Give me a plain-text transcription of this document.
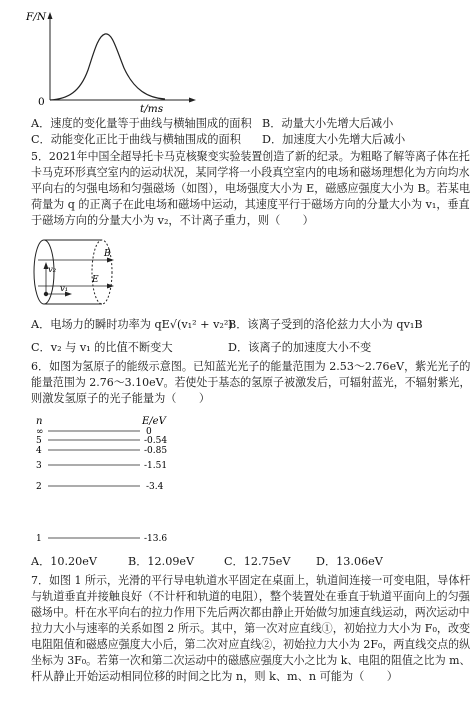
F/N
t/ms
0
A．速度的变化量等于曲线与横轴围成的面积 B．动量大小先增大后减小
C．动能变化正比于曲线与横轴围成的面积 D．加速度大小先增大后减小
5．2021年中国全超导托卡马克核聚变实验装置创造了新的纪录。为粗略了解等离子体在托
卡马克环形真空室内的运动状况，某同学将一小段真空室内的电场和磁场理想化为方向均水
平向右的匀强电场和匀强磁场（如图），电场强度大小为 E，磁感应强度大小为 B。若某电
荷量为 q 的正离子在此电场和磁场中运动，其速度平行于磁场方向的分量大小为 v₁，垂直
于磁场方向的分量大小为 v₂，不计离子重力，则（　　）
v₂
v₁
B
E
A．电场力的瞬时功率为 qE√(v₁² + v₂²)
B．该离子受到的洛伦兹力大小为 qv₁B
C．v₂ 与 v₁ 的比值不断变大	D．该离子的加速度大小不变
6．如图为氢原子的能级示意图。已知蓝光光子的能量范围为 2.53～2.76eV，紫光光子的
能量范围为 2.76～3.10eV。若使处于基态的氢原子被激发后，可辐射蓝光，不辐射紫光，
则激发氢原子的光子能量为（　　）
n	E/eV
∞	0
5	-0.54
4	-0.85
3	-1.51
2	-3.4
1	-13.6
A．10.20eV	B．12.09eV	C．12.75eV D．13.06eV
7．如图 1 所示，光滑的平行导电轨道水平固定在桌面上，轨道间连接一可变电阻，导体杆
与轨道垂直并接触良好（不计杆和轨道的电阻），整个装置处在垂直于轨道平面向上的匀强
磁场中。杆在水平向右的拉力作用下先后两次都由静止开始做匀加速直线运动，两次运动中
拉力大小与速率的关系如图 2 所示。其中，第一次对应直线①，初始拉力大小为 F₀，改变
电阻阻值和磁感应强度大小后，第二次对应直线②，初始拉力大小为 2F₀，两直线交点的纵
坐标为 3F₀。若第一次和第二次运动中的磁感应强度大小之比为 k、电阻的阻值之比为 m、
杆从静止开始运动相同位移的时间之比为 n，则 k、m、n 可能为（　　）
